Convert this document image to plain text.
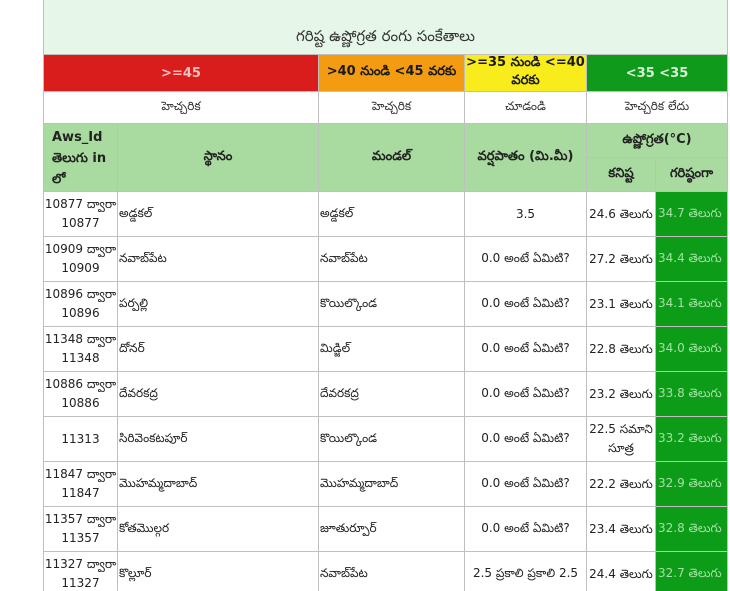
గరిష్ట ఉష్ణోగ్రత రంగు సంకేతాలు					
>=45		>40 నుండి <45 వరకు	>=35 నుండి <=40 వరకు	<35 <35	
హెచ్చరిక		హెచ్చరిక	చూడండి	హెచ్చరిక లేదు	
Aws_Id తెలుగు in లో	స్థానం	మండల్	వర్షపాతం (మి.మీ)	ఉష్ణోగ్రత(°C)	
				కనిష్ట	గరిష్ఠంగా
10877 ద్వారా 10877	అడ్డకల్	అడ్డకల్	3.5	24.6 తెలుగు	34.7 తెలుగు
10909 ద్వారా 10909	నవాబ్‌పేట	నవాబ్‌పేట	0.0 అంటే ఏమిటి?	27.2 తెలుగు	34.4 తెలుగు
10896 ద్వారా 10896	పర్పల్లి	కొయిల్కొండ	0.0 అంటే ఏమిటి?	23.1 తెలుగు	34.1 తెలుగు
11348 ద్వారా 11348	దోనర్	మిడ్జిల్	0.0 అంటే ఏమిటి?	22.8 తెలుగు	34.0 తెలుగు
10886 ద్వారా 10886	దేవరకద్ర	దేవరకద్ర	0.0 అంటే ఏమిటి?	23.2 తెలుగు	33.8 తెలుగు
11313	సిరివెంకటపూర్	కొయిల్కొండ	0.0 అంటే ఏమిటి?	22.5 సమాని సూత్ర	33.2 తెలుగు
11847 ద్వారా 11847	మొహమ్మదాబాద్	మొహమ్మదాబాద్	0.0 అంటే ఏమిటి?	22.2 తెలుగు	32.9 తెలుగు
11357 ద్వారా 11357	కోతమొల్గర	జూతుర్పూర్	0.0 అంటే ఏమిటి?	23.4 తెలుగు	32.8 తెలుగు
11327 ద్వారా 11327	కొల్లూర్	నవాబ్‌పేట	2.5 ప్రకాలి ప్రకాలి 2.5	24.4 తెలుగు	32.7 తెలుగు
